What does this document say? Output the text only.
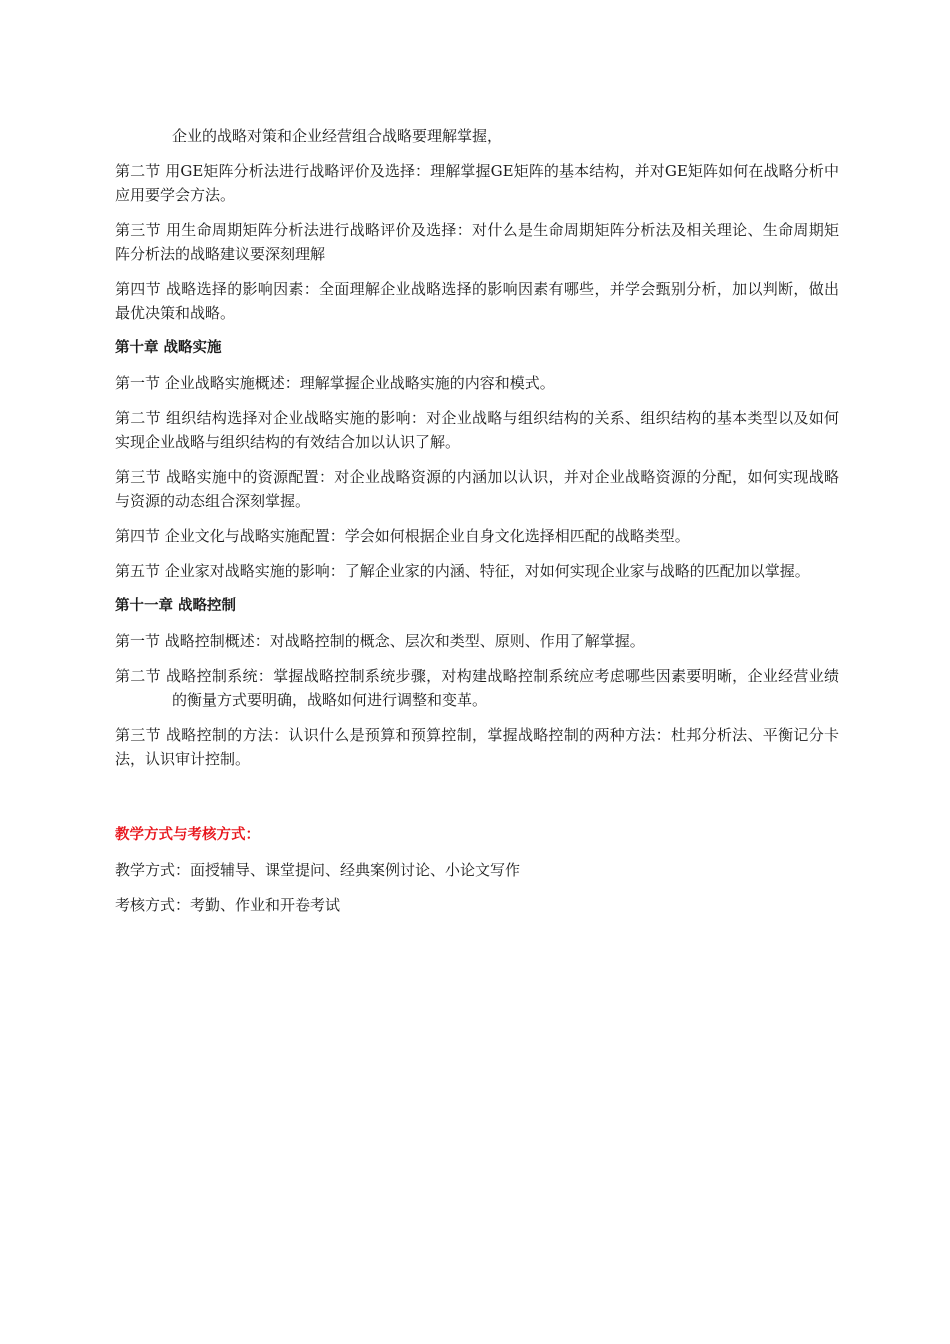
企业的战略对策和企业经营组合战略要理解掌握，

第二节 用GE矩阵分析法进行战略评价及选择：理解掌握GE矩阵的基本结构，并对GE矩阵如何在战略分析中应用要学会方法。

第三节 用生命周期矩阵分析法进行战略评价及选择：对什么是生命周期矩阵分析法及相关理论、生命周期矩阵分析法的战略建议要深刻理解

第四节 战略选择的影响因素：全面理解企业战略选择的影响因素有哪些，并学会甄别分析，加以判断，做出最优决策和战略。

第十章 战略实施

第一节 企业战略实施概述：理解掌握企业战略实施的内容和模式。

第二节 组织结构选择对企业战略实施的影响：对企业战略与组织结构的关系、组织结构的基本类型以及如何实现企业战略与组织结构的有效结合加以认识了解。

第三节 战略实施中的资源配置：对企业战略资源的内涵加以认识，并对企业战略资源的分配，如何实现战略与资源的动态组合深刻掌握。

第四节 企业文化与战略实施配置：学会如何根据企业自身文化选择相匹配的战略类型。

第五节 企业家对战略实施的影响：了解企业家的内涵、特征，对如何实现企业家与战略的匹配加以掌握。

第十一章 战略控制

第一节 战略控制概述：对战略控制的概念、层次和类型、原则、作用了解掌握。

第二节 战略控制系统：掌握战略控制系统步骤，对构建战略控制系统应考虑哪些因素要明晰，企业经营业绩的衡量方式要明确，战略如何进行调整和变革。

第三节 战略控制的方法：认识什么是预算和预算控制，掌握战略控制的两种方法：杜邦分析法、平衡记分卡法，认识审计控制。

教学方式与考核方式：

教学方式：面授辅导、课堂提问、经典案例讨论、小论文写作

考核方式：考勤、作业和开卷考试
